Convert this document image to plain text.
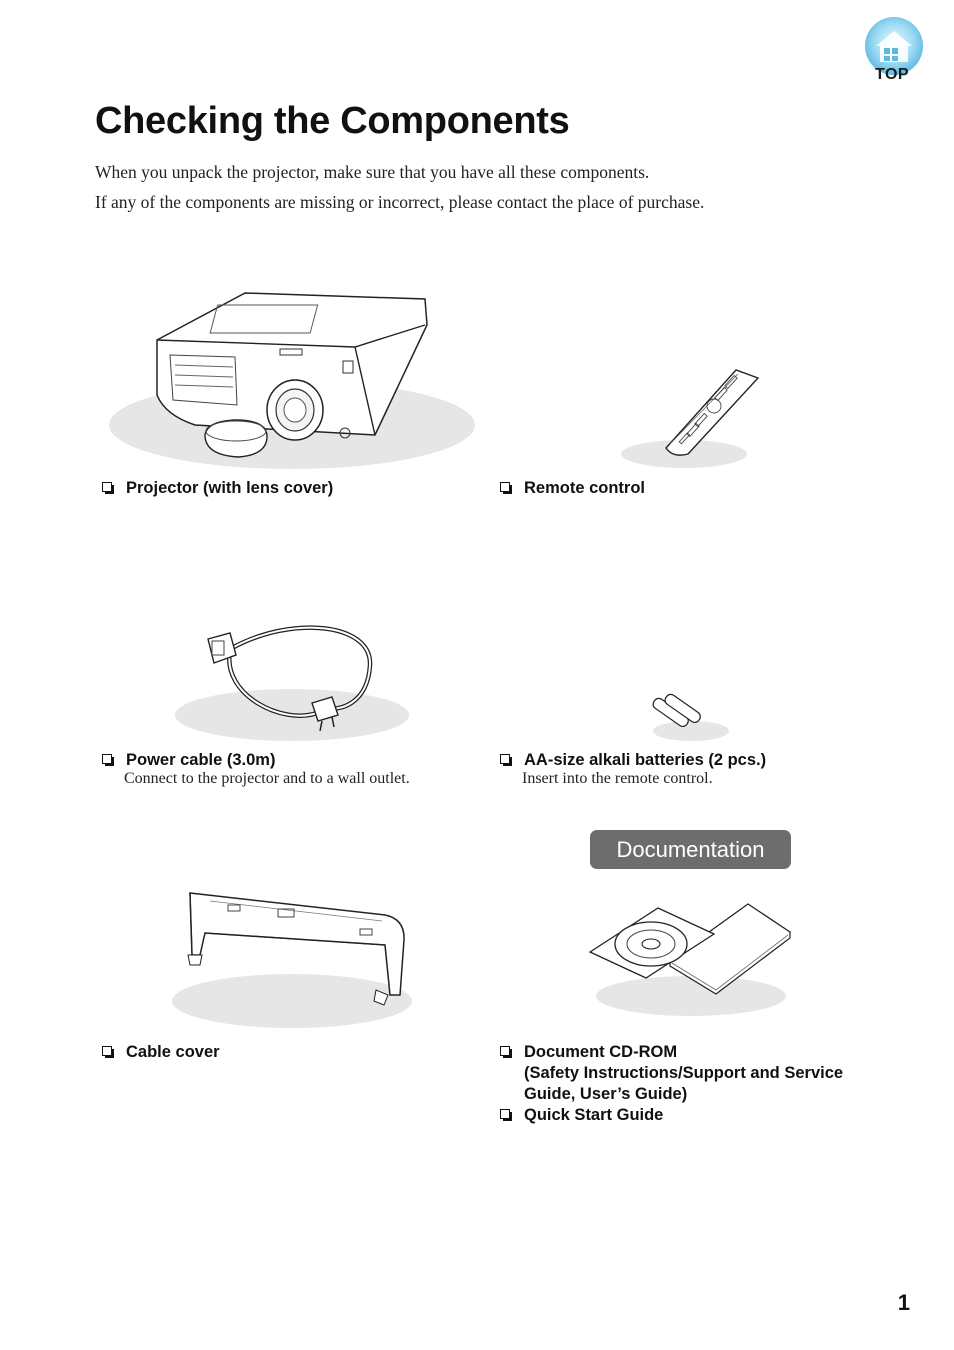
TOP
Checking the Components

When you unpack the projector, make sure that you have all these components.

If any of the components are missing or incorrect, please contact the place of purchase.

Projector (with lens cover)	Remote control
Power cable (3.0m)
Connect to the projector and to a wall outlet.
AA-size alkali batteries (2 pcs.)
Insert into the remote control.
Documentation
Cable cover	Document CD-ROM
(Safety Instructions/Support and Service
Guide, User’s Guide)
Quick Start Guide
1
